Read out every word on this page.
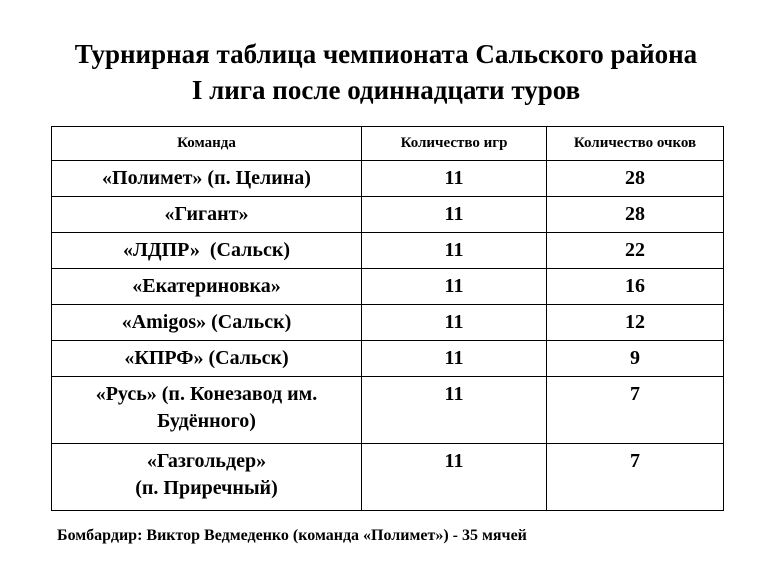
Турнирная таблица чемпионата Сальского района
I лига после одиннадцати туров
Команда	Количество игр	Количество очков
«Полимет» (п. Целина)	11	28
«Гигант»	11	28
«ЛДПР»  (Сальск)	11	22
«Екатериновка»	11	16
«Amigos» (Сальск)	11	12
«КПРФ» (Сальск)	11	9

«Русь» (п. Конезавод им.
Будённого)	11	7

«Газгольдер»
(п. Приречный)	11	7

Бомбардир: Виктор Ведмеденко (команда «Полимет») - 35 мячей
